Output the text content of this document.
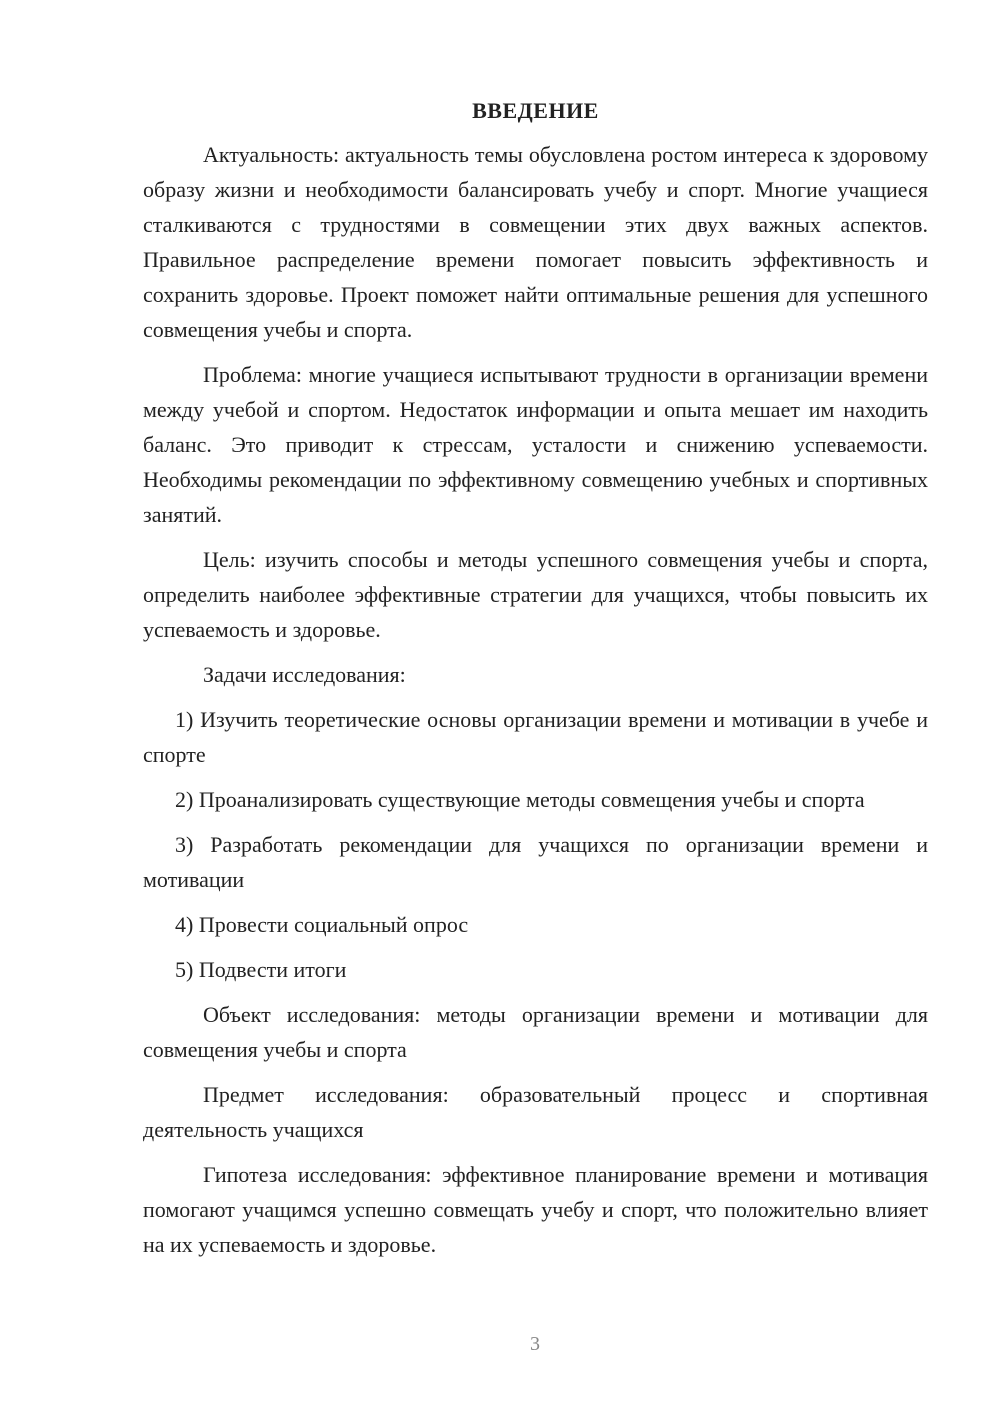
ВВЕДЕНИЕ

Актуальность: актуальность темы обусловлена ростом интереса к здоровому образу жизни и необходимости балансировать учебу и спорт. Многие учащиеся сталкиваются с трудностями в совмещении этих двух важных аспектов. Правильное распределение времени помогает повысить эффективность и сохранить здоровье. Проект поможет найти оптимальные решения для успешного совмещения учебы и спорта.

Проблема: многие учащиеся испытывают трудности в организации времени между учебой и спортом. Недостаток информации и опыта мешает им находить баланс. Это приводит к стрессам, усталости и снижению успеваемости. Необходимы рекомендации по эффективному совмещению учебных и спортивных занятий.

Цель: изучить способы и методы успешного совмещения учебы и спорта, определить наиболее эффективные стратегии для учащихся, чтобы повысить их успеваемость и здоровье.

Задачи исследования:

1) Изучить теоретические основы организации времени и мотивации в учебе и спорте

2) Проанализировать существующие методы совмещения учебы и спорта

3) Разработать рекомендации для учащихся по организации времени и мотивации

4) Провести социальный опрос

5) Подвести итоги

Объект исследования: методы организации времени и мотивации для совмещения учебы и спорта

Предмет исследования: образовательный процесс и спортивная деятельность учащихся

Гипотеза исследования: эффективное планирование времени и мотивация помогают учащимся успешно совмещать учебу и спорт, что положительно влияет на их успеваемость и здоровье.

3
